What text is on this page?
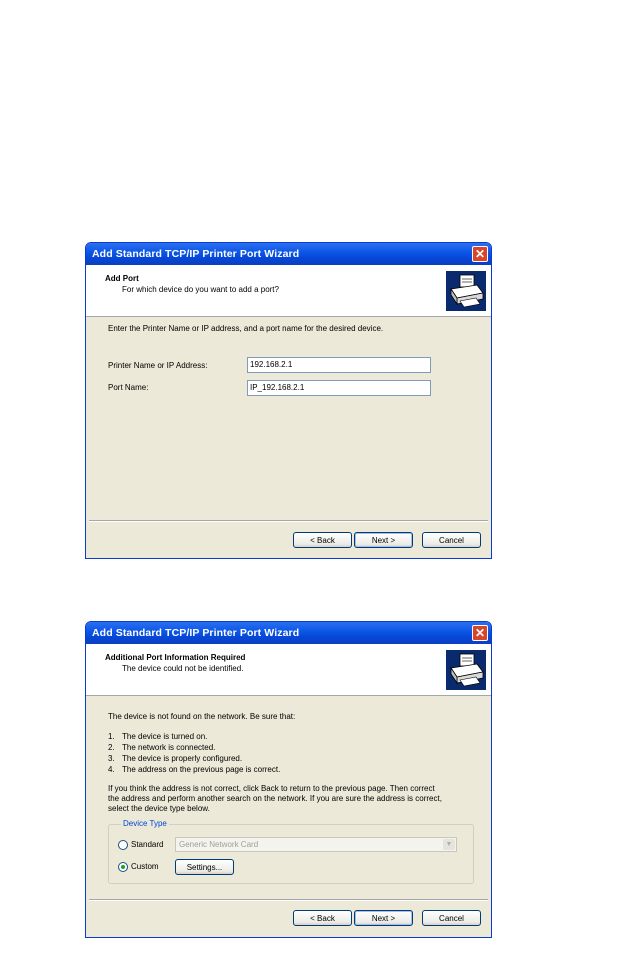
Add Standard TCP/IP Printer Port Wizard	✕
Add Port
For which device do you want to add a port?
Enter the Printer Name or IP address, and a port name for the desired device.
Printer Name or IP Address:	192.168.2.1
Port Name:	IP_192.168.2.1
< Back	Next >	Cancel
Add Standard TCP/IP Printer Port Wizard	✕
Additional Port Information Required
The device could not be identified.
The device is not found on the network. Be sure that:
1. The device is turned on.
2. The network is connected.
3. The device is properly configured.
4. The address on the previous page is correct.
If you think the address is not correct, click Back to return to the previous page. Then correct
the address and perform another search on the network. If you are sure the address is correct,
select the device type below.
Device Type
Standard	Generic Network Card	▼
Custom	Settings...
< Back	Next >	Cancel
